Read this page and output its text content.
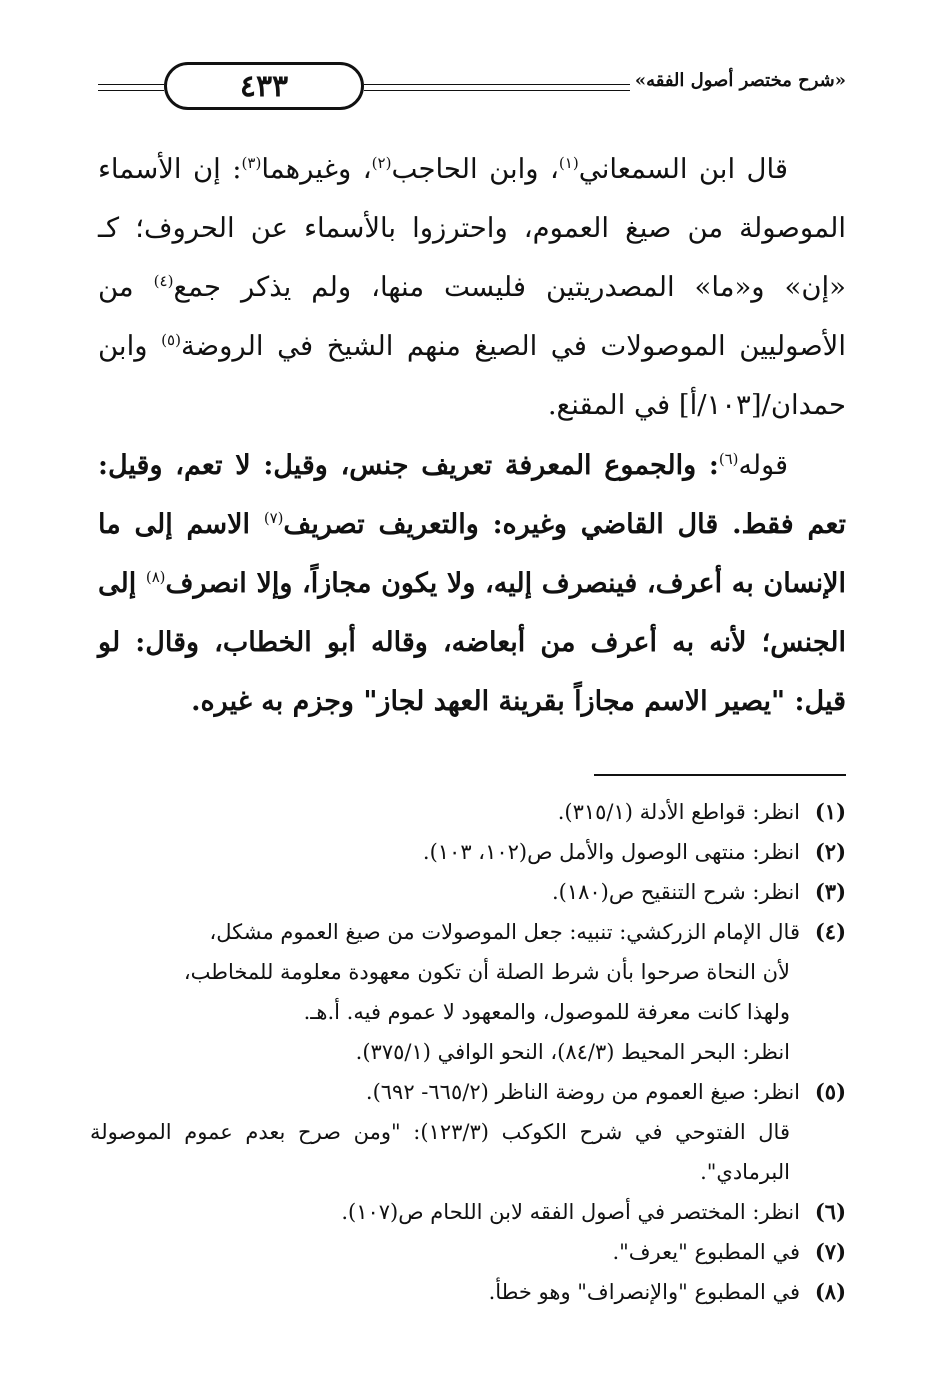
٤٣٣	«شرح مختصر أصول الفقه»
قال ابن السمعاني$^{(١)}$، وابن الحاجب$^{(٢)}$، وغيرهما$^{(٣)}$: إن الأسماء الموصولة من صيغ العموم، واحترزوا بالأسماء عن الحروف؛ كـ «إن» و«ما» المصدريتين فليست منها، ولم يذكر جمع$^{(٤)}$ من الأصوليين الموصولات في الصيغ منهم الشيخ في الروضة$^{(٥)}$ وابن حمدان/[١٠٣/أ] في المقنع.
قوله$^{(٦)}$: والجموع المعرفة تعريف جنس، وقيل: لا تعم، وقيل: تعم فقط. قال القاضي وغيره: والتعريف تصريف$^{(٧)}$ الاسم إلى ما الإنسان به أعرف، فينصرف إليه، ولا يكون مجازاً، وإلا انصرف$^{(٨)}$ إلى الجنس؛ لأنه به أعرف من أبعاضه، وقاله أبو الخطاب، وقال: لو قيل: "يصير الاسم مجازاً بقرينة العهد لجاز" وجزم به غيره.
(١)
انظر: قواطع الأدلة (٣١٥/١).
(٢)
انظر: منتهى الوصول والأمل ص(١٠٢، ١٠٣).
(٣)
انظر: شرح التنقيح ص(١٨٠).
(٤)
قال الإمام الزركشي: تنبيه: جعل الموصولات من صيغ العموم مشكل،
لأن النحاة صرحوا بأن شرط الصلة أن تكون معهودة معلومة للمخاطب،
ولهذا كانت معرفة للموصول، والمعهود لا عموم فيه. أ.هـ.
انظر: البحر المحيط (٨٤/٣)، النحو الوافي (٣٧٥/١).
(٥)
انظر: صيغ العموم من روضة الناظر (٦٦٥/٢- ٦٩٢).
قال الفتوحي في شرح الكوكب (١٢٣/٣): "ومن صرح بعدم عموم الموصولة البرمادي".
(٦)
انظر: المختصر في أصول الفقه لابن اللحام ص(١٠٧).
(٧)
في المطبوع "يعرف".
(٨)
في المطبوع "والإنصراف" وهو خطأ.
